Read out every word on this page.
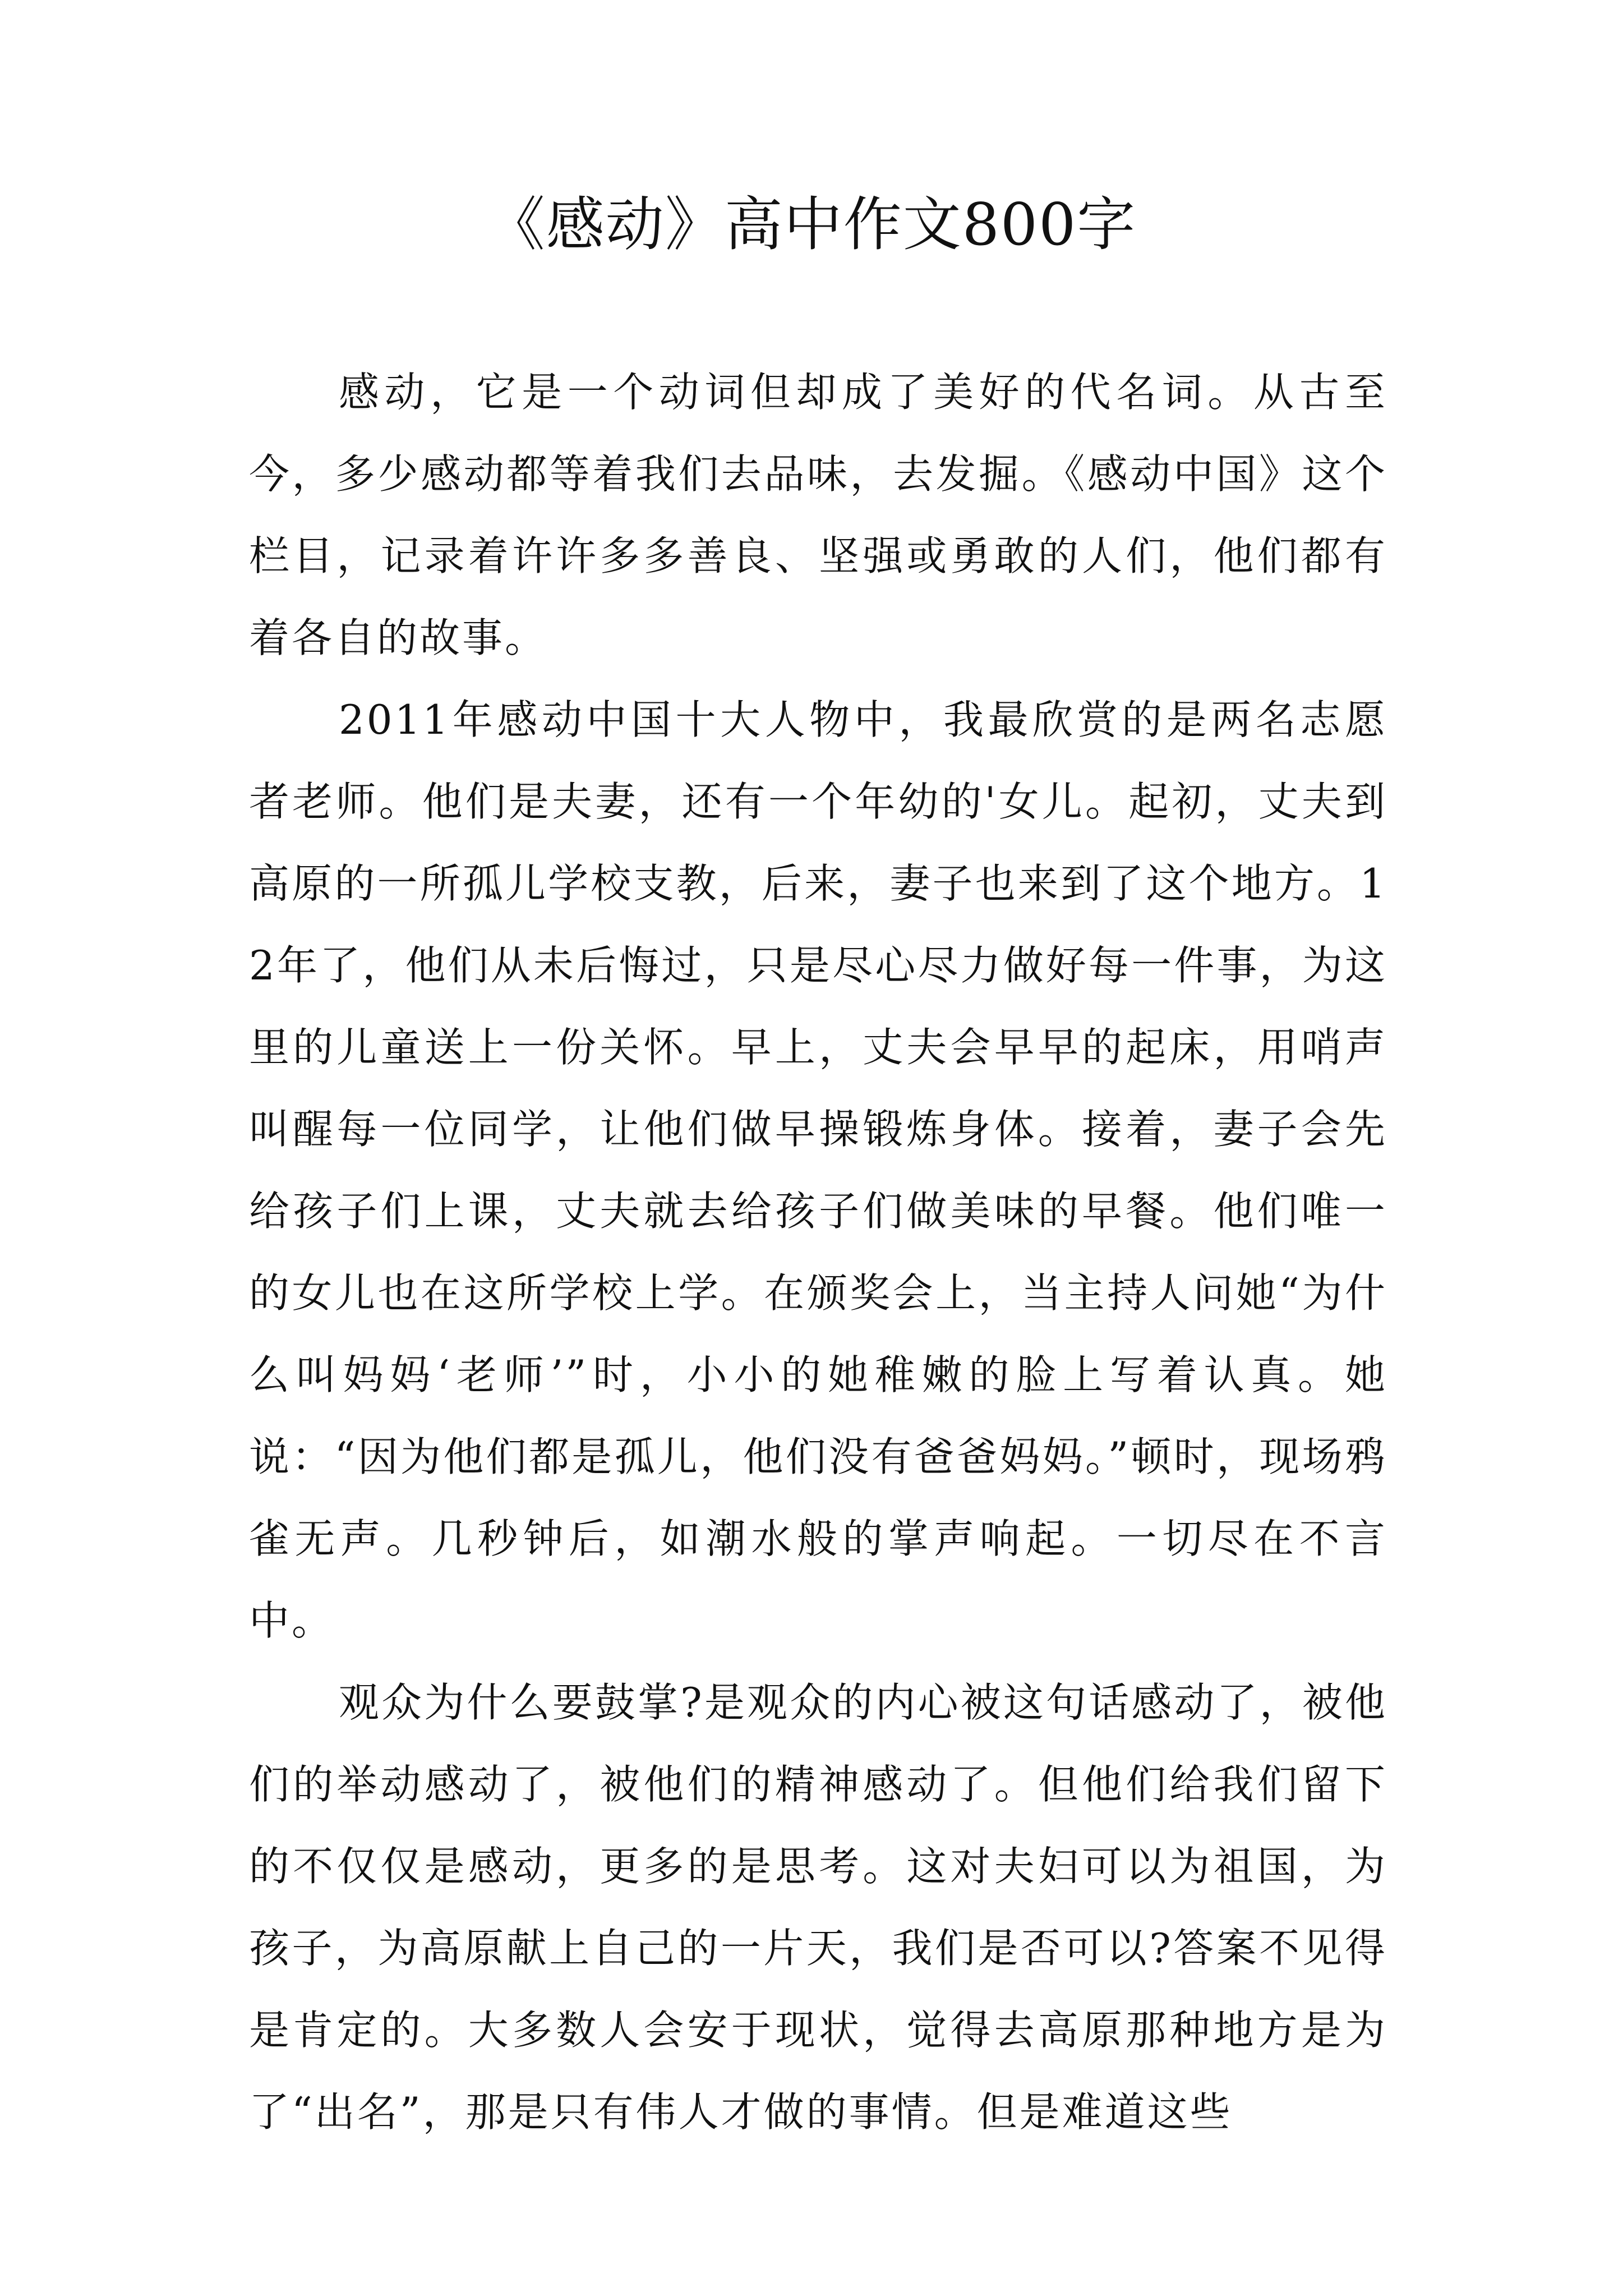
《感动》高中作文800字

感动，它是一个动词但却成了美好的代名词。从古至今，多少感动都等着我们去品味，去发掘。《感动中国》这个栏目，记录着许许多多善良、坚强或勇敢的人们，他们都有着各自的故事。

2011年感动中国十大人物中，我最欣赏的是两名志愿者老师。他们是夫妻，还有一个年幼的'女儿。起初，丈夫到高原的一所孤儿学校支教，后来，妻子也来到了这个地方。12年了，他们从未后悔过，只是尽心尽力做好每一件事，为这里的儿童送上一份关怀。早上，丈夫会早早的起床，用哨声叫醒每一位同学，让他们做早操锻炼身体。接着，妻子会先给孩子们上课，丈夫就去给孩子们做美味的早餐。他们唯一的女儿也在这所学校上学。在颁奖会上，当主持人问她“为什么叫妈妈‘老师’”时，小小的她稚嫩的脸上写着认真。她说：“因为他们都是孤儿，他们没有爸爸妈妈。”顿时，现场鸦雀无声。几秒钟后，如潮水般的掌声响起。一切尽在不言中。

观众为什么要鼓掌?是观众的内心被这句话感动了，被他们的举动感动了，被他们的精神感动了。但他们给我们留下的不仅仅是感动，更多的是思考。这对夫妇可以为祖国，为孩子，为高原献上自己的一片天，我们是否可以?答案不见得是肯定的。大多数人会安于现状，觉得去高原那种地方是为了“出名”，那是只有伟人才做的事情。但是难道这些
